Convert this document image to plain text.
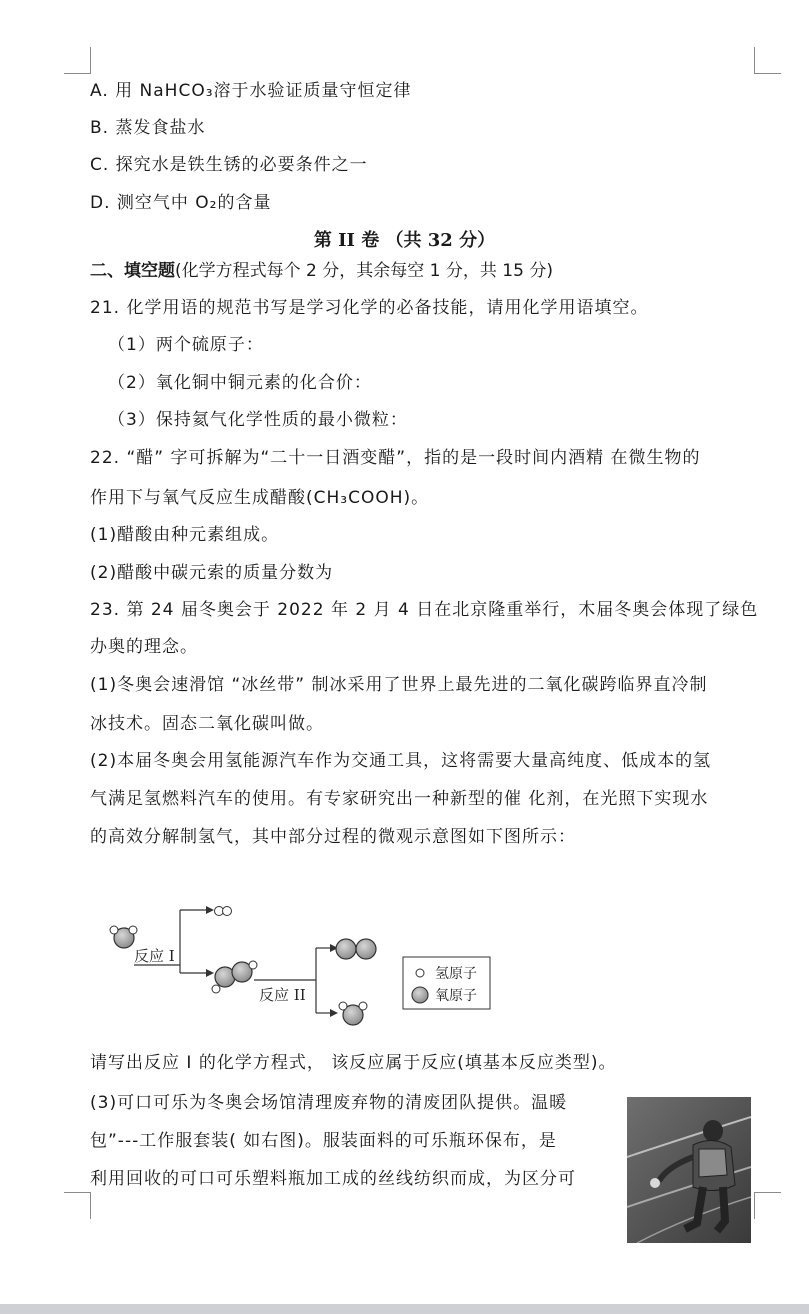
A. 用 NaHCO₃溶于水验证质量守恒定律
B. 蒸发食盐水
C. 探究水是铁生锈的必要条件之一
D. 测空气中 O₂的含量
第 II 卷 （共 32 分）
二、填空题(化学方程式每个 2 分，其余每空 1 分，共 15 分)
21. 化学用语的规范书写是学习化学的必备技能，请用化学用语填空。
（1）两个硫原子：
（2）氧化铜中铜元素的化合价：
（3）保持氦气化学性质的最小微粒：
22. “醋” 字可拆解为“二十一日酒变醋”，指的是一段时间内酒精 在微生物的
作用下与氧气反应生成醋酸(CH₃COOH)。
(1)醋酸由种元素组成。
(2)醋酸中碳元索的质量分数为
23. 第 24 届冬奥会于 2022 年 2 月 4 日在北京隆重举行，木届冬奥会体现了绿色
办奥的理念。
(1)冬奥会速滑馆 “冰丝带” 制冰采用了世界上最先进的二氧化碳跨临界直冷制
冰技术。固态二氧化碳叫做。
(2)本届冬奥会用氢能源汽车作为交通工具，这将需要大量高纯度、低成本的氢
气满足氢燃料汽车的使用。有专家研究出一种新型的催 化剂，在光照下实现水
的高效分解制氢气，其中部分过程的微观示意图如下图所示：
反应 I
反应 II
氢原子
氧原子
请写出反应 I 的化学方程式， 该反应属于反应(填基本反应类型)。
(3)可口可乐为冬奥会场馆清理废弃物的清废团队提供。温暖
包”---工作服套装( 如右图)。服装面料的可乐瓶环保布，是
利用回收的可口可乐塑料瓶加工成的丝线纺织而成，为区分可
